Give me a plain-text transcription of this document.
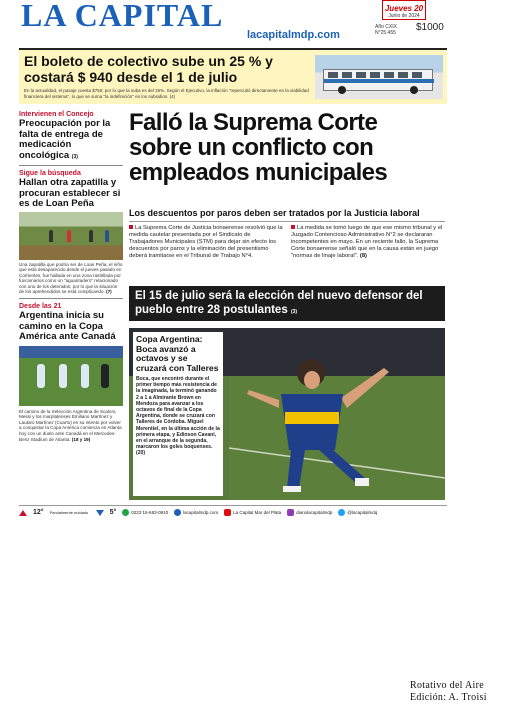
LA CAPITAL
lacapitalmdp.com
Jueves 20
Junio de 2024
Año CXIX
N°25.455	$1000
El boleto de colectivo sube un 25 % y costará $ 940 desde el 1 de julio
En la actualidad, el pasaje cuesta $750; por lo que la suba es del 25%. Según el Ejecutivo, la inflación "repercutió directamente en la viabilidad financiera del sistema", lo que se suma "la indefinición" en los subsidios. (4)
Intervienen el Concejo
Preocupación por la falta de entrega de medicación oncológica (3)
Sigue la búsqueda
Hallan otra zapatilla y procuran establecer si es de Loan Peña
Una zapatilla que podría ser de Loan Peña, el niño que está desaparecido desde el jueves pasado en Corrientes, fue hallada en una zona rastrillada por funcionarios como un "aguantadero" relacionado con uno de los detenidos, por lo que la situación de los aprehendidos se está complicando. (7)
Desde las 21
Argentina inicia su camino en la Copa América ante Canadá
El camino de la Selección Argentina de Scaloni, Messi y los marplatenses Emiliano Martínez y Lautaro Martínez (Cuarto) en su intento por volver a conquistar la Copa América comienza en Atlanta hoy con un duelo ante Canadá en el Mercedes-Benz Stadium de Atlanta. (18 y 19)
Falló la Suprema Corte sobre un conflicto con empleados municipales
Los descuentos por paros deben ser tratados por la Justicia laboral

La Suprema Corte de Justicia bonaerense resolvió que la medida cautelar presentada por el Sindicato de Trabajadores Municipales (STM) para dejar sin efecto los descuentos por paros y la eliminación del presentismo deberá tramitarse en el Tribunal de Trabajo N°4.

La medida se tomó luego de que ese mismo tribunal y el Juzgado Contencioso Administrativo N°2 se declararan incompetentes en mayo. En un reciente fallo, la Suprema Corte bonaerense señaló que en la causa están en juego "normas de linaje laboral". (8)

El 15 de julio será la elección del nuevo defensor del pueblo entre 28 postulantes (3)
Copa Argentina: Boca avanzó a octavos y se cruzará con Talleres
Boca, que encontró durante el primer tiempo más resistencia de la imaginada, la terminó ganando 2 a 1 a Almirante Brown en Mendoza para avanzar a los octavos de final de la Copa Argentina, donde se cruzará con Talleres de Córdoba. Miguel Merentiel, en la última acción de la primera etapa, y Edinson Cavani, en el arranque de la segunda, marcaron los goles boquenses. (20)
12° Parcialmente nublado	5°	0223 15-683-0910	lacapitalmdp.com	La Capital Mar del Plata	diariolacapitalmdp	@lacapitalmdq
Rotativo del Aire
Edición: A. Troisi
